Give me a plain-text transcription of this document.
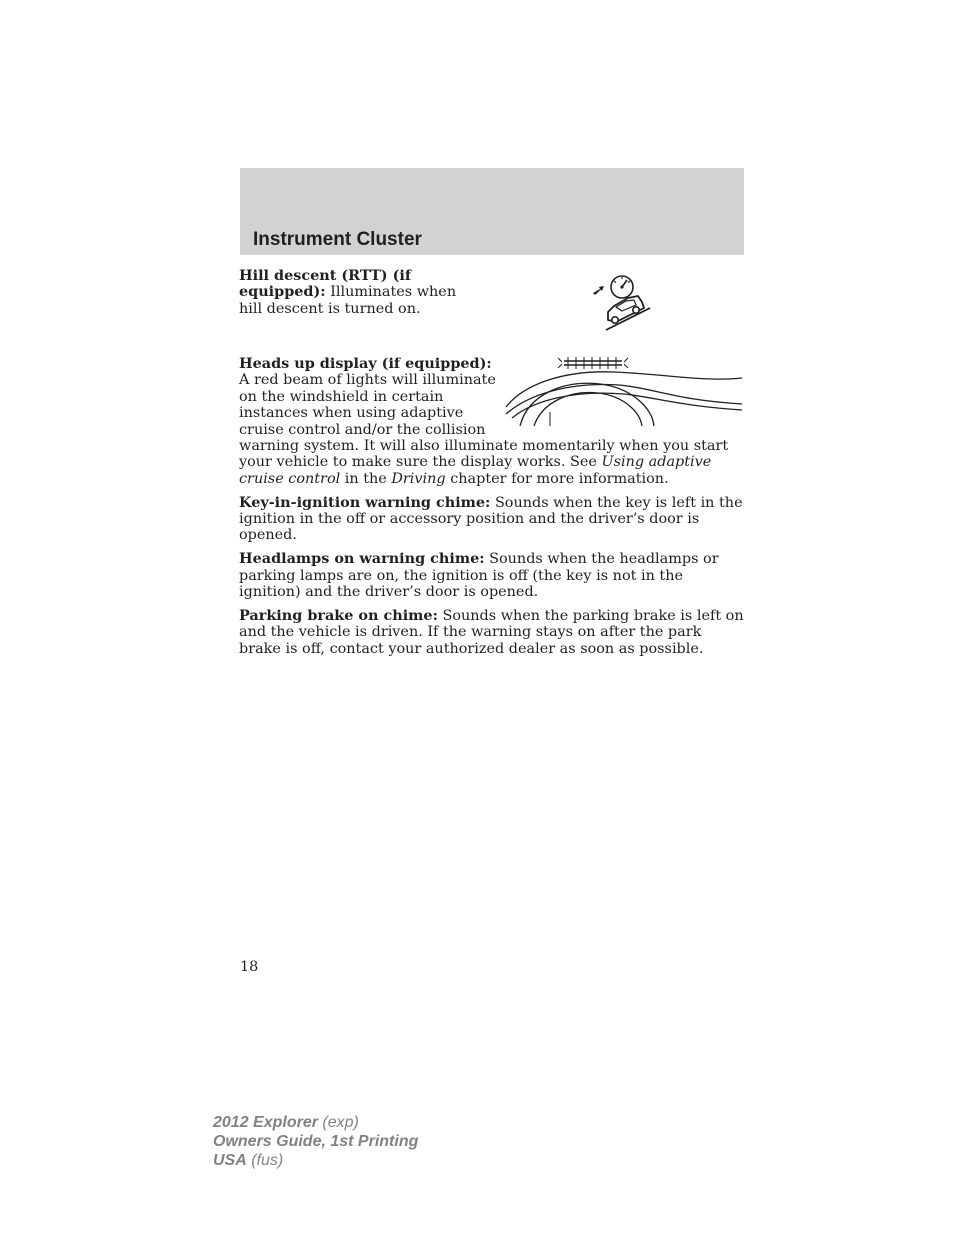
Instrument Cluster

Hill descent (RTT) (if equipped): Illuminates when hill descent is turned on.

Heads up display (if equipped): A red beam of lights will illuminate on the windshield in certain instances when using adaptive cruise control and/or the collision warning system. It will also illuminate momentarily when you start your vehicle to make sure the display works. See Using adaptive cruise control in the Driving chapter for more information.

Key-in-ignition warning chime: Sounds when the key is left in the ignition in the off or accessory position and the driver’s door is opened.

Headlamps on warning chime: Sounds when the headlamps or parking lamps are on, the ignition is off (the key is not in the ignition) and the driver’s door is opened.

Parking brake on chime: Sounds when the parking brake is left on and the vehicle is driven. If the warning stays on after the park brake is off, contact your authorized dealer as soon as possible.

18
2012 Explorer (exp)
Owners Guide, 1st Printing
USA (fus)
